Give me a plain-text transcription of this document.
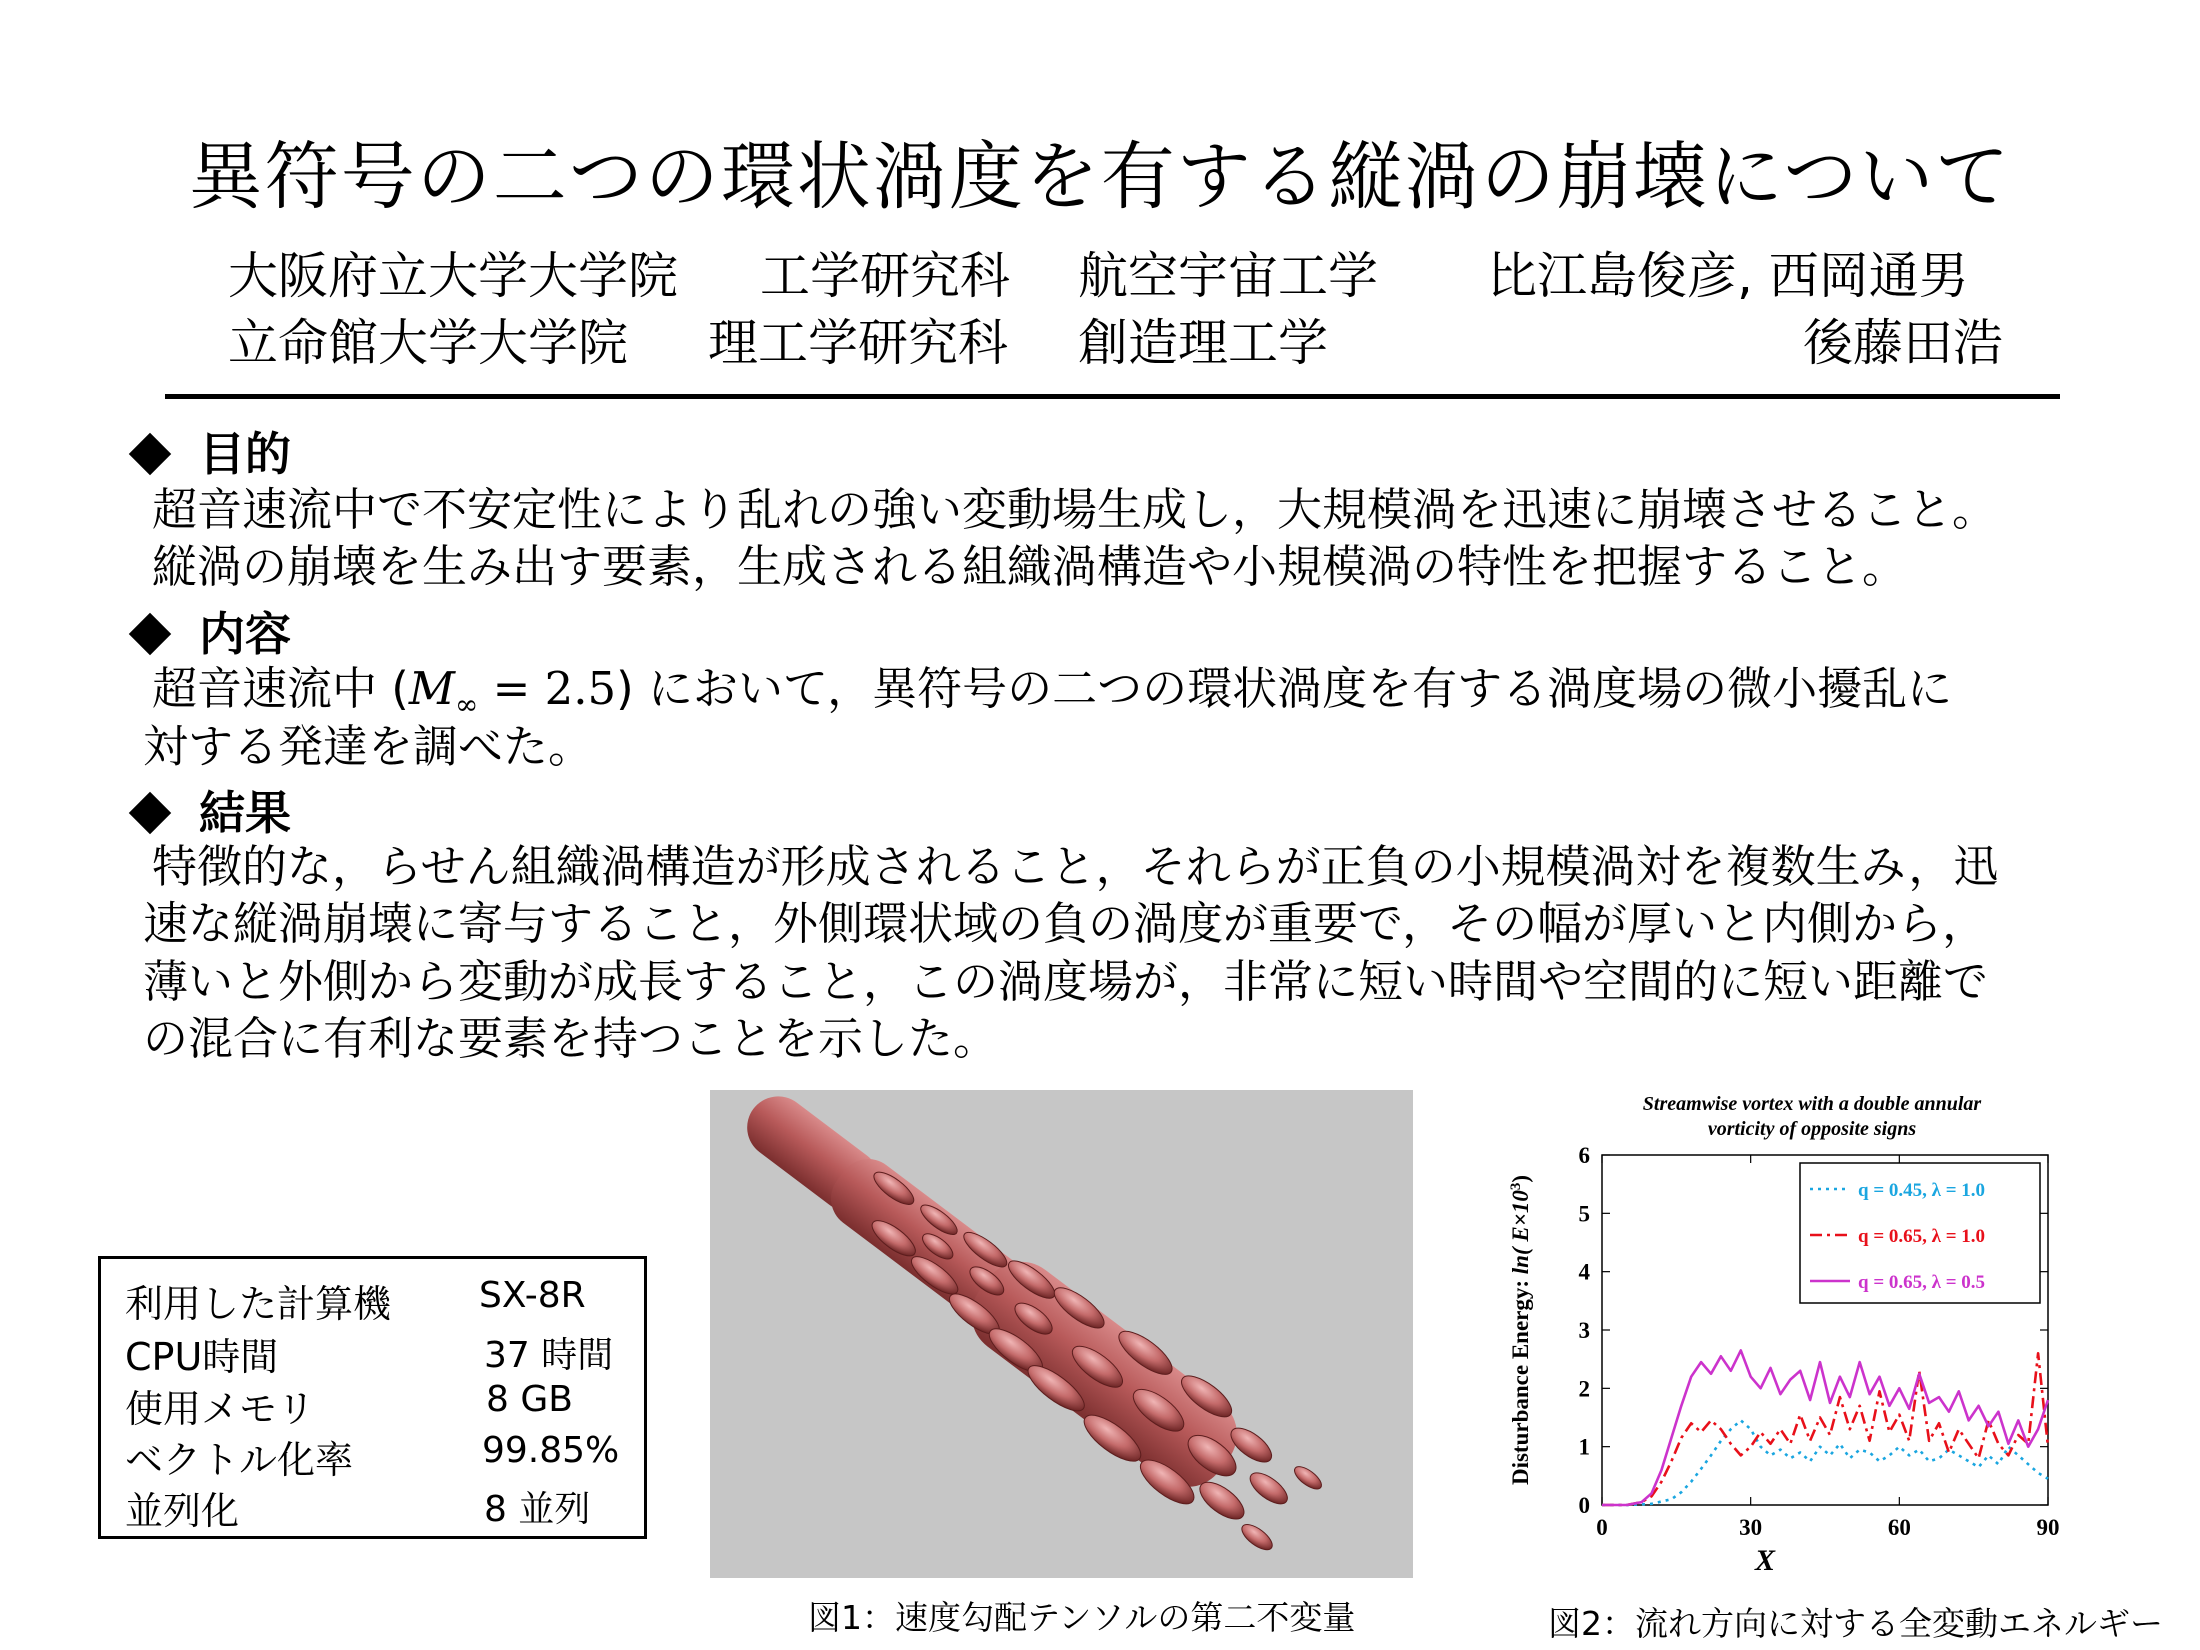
異符号の二つの環状渦度を有する縦渦の崩壊について
大阪府立大学大学院 工学研究科 航空宇宙工学 比江島俊彦, 西岡通男
立命館大学大学院 理工学研究科 創造理工学	後藤田浩
目的
超音速流中で不安定性により乱れの強い変動場生成し，大規模渦を迅速に崩壊させること。
縦渦の崩壊を生み出す要素，生成される組織渦構造や小規模渦の特性を把握すること。
内容
超音速流中 $(M_\infty = 2.5)$ において，異符号の二つの環状渦度を有する渦度場の微小擾乱に
対する発達を調べた。
結果
特徴的な，らせん組織渦構造が形成されること，それらが正負の小規模渦対を複数生み，迅
速な縦渦崩壊に寄与すること，外側環状域の負の渦度が重要で，その幅が厚いと内側から，
薄いと外側から変動が成長すること，この渦度場が，非常に短い時間や空間的に短い距離で
の混合に有利な要素を持つことを示した。
利用した計算機 SX-8R
CPU時間	37 時間
使用メモリ	8 GB
ベクトル化率	99.85%
並列化	8 並列
図1：速度勾配テンソルの第二不変量
Streamwise vortex with a double annular
vorticity of opposite signs
0
1
2
3
4
5
6
0	30	60	90
X
Disturbance Energy: ln( $E\times 10^3$)
q = 0.45, λ = 1.0
q = 0.65, λ = 1.0
q = 0.65, λ = 0.5
図2：流れ方向に対する全変動エネルギー
